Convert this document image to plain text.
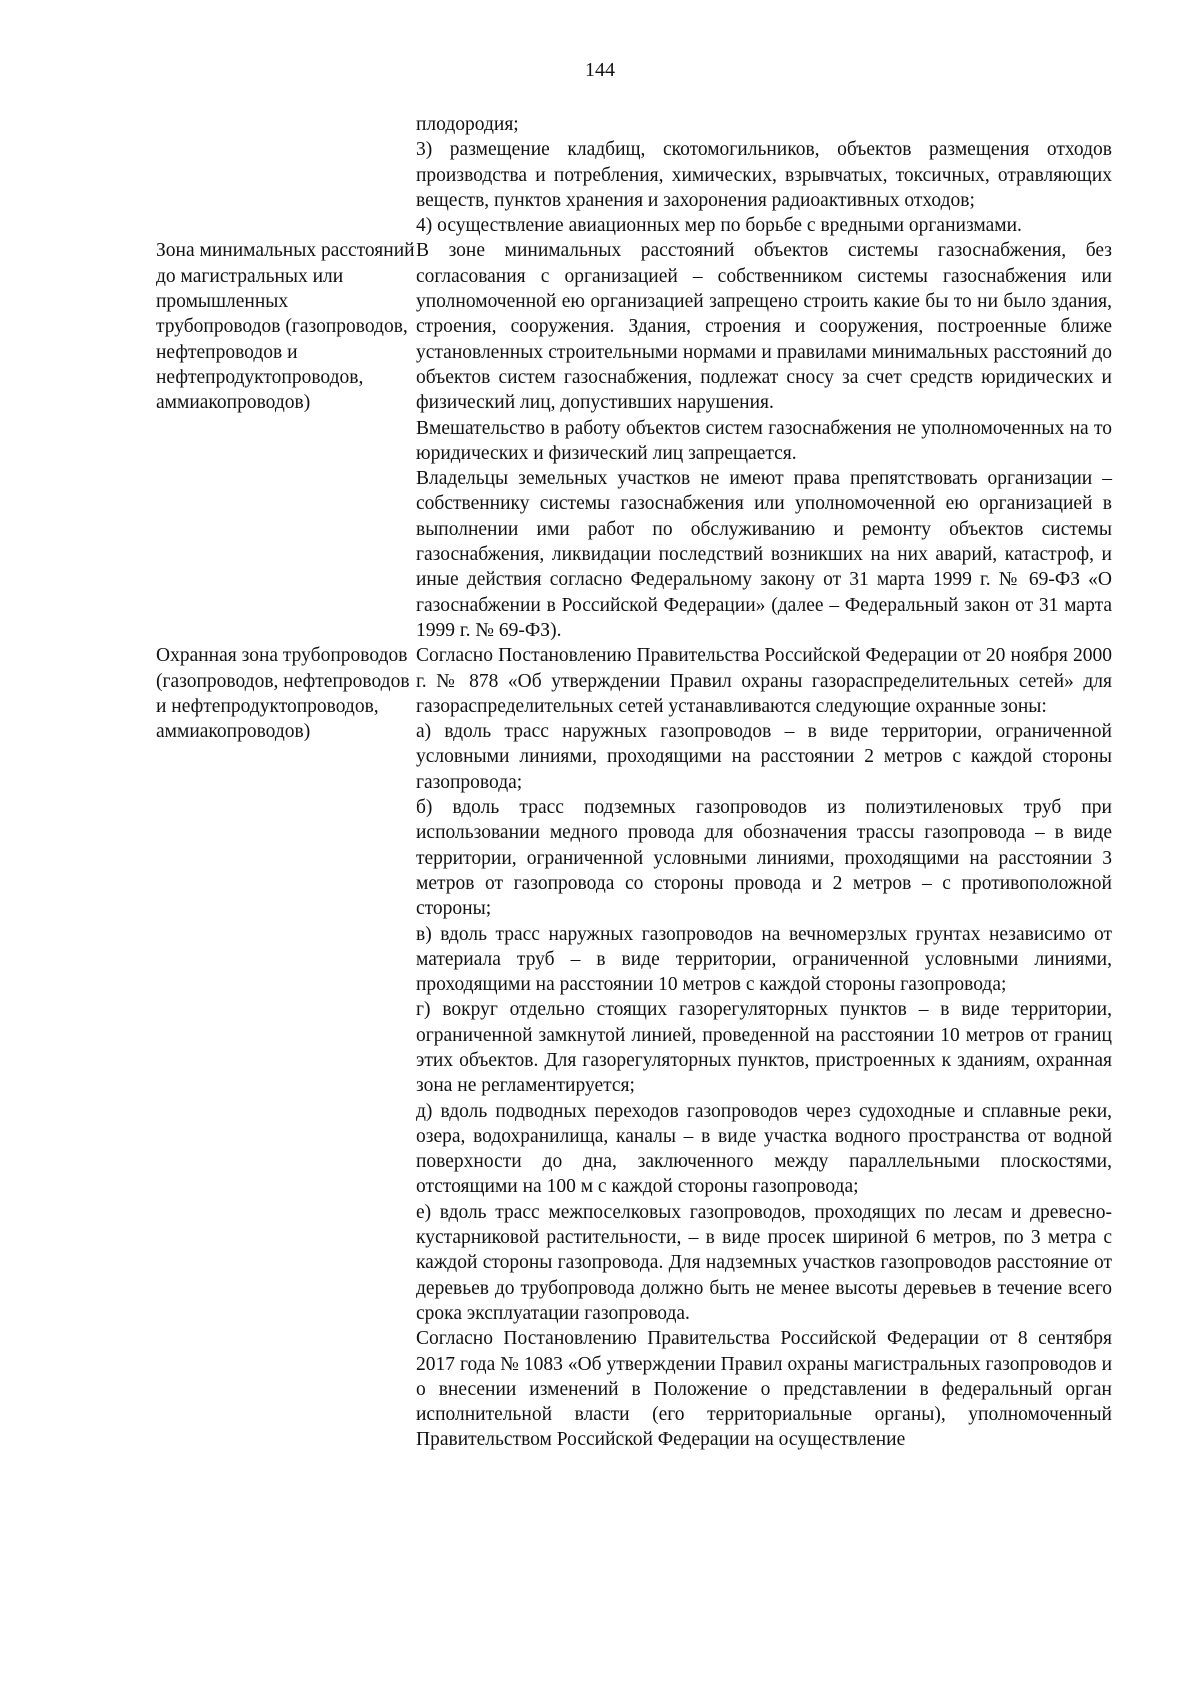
144

плодородия;

3) размещение кладбищ, скотомогильников, объектов размещения отходов производства и потребления, химических, взрывчатых, токсичных, отравляющих веществ, пунктов хранения и захоронения радиоактивных отходов;

4) осуществление авиационных мер по борьбе с вредными организмами.

Зона минимальных расстояний до магистральных или промышленных трубопроводов (газопроводов, нефтепроводов и нефтепродуктопроводов, аммиакопроводов)

В зоне минимальных расстояний объектов системы газоснабжения, без согласования с организацией – собственником системы газоснабжения или уполномоченной ею организацией запрещено строить какие бы то ни было здания, строения, сооружения. Здания, строения и сооружения, построенные ближе установленных строительными нормами и правилами минимальных расстояний до объектов систем газоснабжения, подлежат сносу за счет средств юридических и физический лиц, допустивших нарушения.

Вмешательство в работу объектов систем газоснабжения не уполномоченных на то юридических и физический лиц запрещается.

Владельцы земельных участков не имеют права препятствовать организации – собственнику системы газоснабжения или уполномоченной ею организацией в выполнении ими работ по обслуживанию и ремонту объектов системы газоснабжения, ликвидации последствий возникших на них аварий, катастроф, и иные действия согласно Федеральному закону от 31 марта 1999 г. № 69-ФЗ «О газоснабжении в Российской Федерации» (далее – Федеральный закон от 31 марта 1999 г. № 69-ФЗ).

Охранная зона трубопроводов (газопроводов, нефтепроводов и нефтепродуктопроводов, аммиакопроводов)

Согласно Постановлению Правительства Российской Федерации от 20 ноября 2000 г. № 878 «Об утверждении Правил охраны газораспределительных сетей» для газораспределительных сетей устанавливаются следующие охранные зоны:

а) вдоль трасс наружных газопроводов – в виде территории, ограниченной условными линиями, проходящими на расстоянии 2 метров с каждой стороны газопровода;

б) вдоль трасс подземных газопроводов из полиэтиленовых труб при использовании медного провода для обозначения трассы газопровода – в виде территории, ограниченной условными линиями, проходящими на расстоянии 3 метров от газопровода со стороны провода и 2 метров – с противоположной стороны;

в) вдоль трасс наружных газопроводов на вечномерзлых грунтах независимо от материала труб – в виде территории, ограниченной условными линиями, проходящими на расстоянии 10 метров с каждой стороны газопровода;

г) вокруг отдельно стоящих газорегуляторных пунктов – в виде территории, ограниченной замкнутой линией, проведенной на расстоянии 10 метров от границ этих объектов. Для газорегуляторных пунктов, пристроенных к зданиям, охранная зона не регламентируется;

д) вдоль подводных переходов газопроводов через судоходные и сплавные реки, озера, водохранилища, каналы – в виде участка водного пространства от водной поверхности до дна, заключенного между параллельными плоскостями, отстоящими на 100 м с каждой стороны газопровода;

е) вдоль трасс межпоселковых газопроводов, проходящих по лесам и древесно-кустарниковой растительности, – в виде просек шириной 6 метров, по 3 метра с каждой стороны газопровода. Для надземных участков газопроводов расстояние от деревьев до трубопровода должно быть не менее высоты деревьев в течение всего срока эксплуатации газопровода.

Согласно Постановлению Правительства Российской Федерации от 8 сентября 2017 года № 1083 «Об утверждении Правил охраны магистральных газопроводов и о внесении изменений в Положение о представлении в федеральный орган исполнительной власти (его территориальные органы), уполномоченный Правительством Российской Федерации на осуществление
